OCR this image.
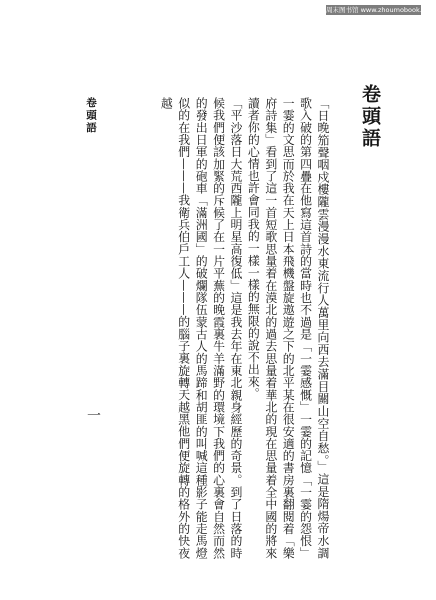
周末图书馆 www.zhoumobook.com
卷頭語

「日晚笳聲咽戍樓隴雲漫漫水東流行人萬里向西去滿目關山空自愁。」這是隋煬帝水調歌入破的第四疊在他寫這首詩的當時也不過是「一霎感慨」一霎的記憶「一霎的怨恨」一霎的文思而於我在天上日本飛機盤旋遨遊之下的北平某在很安適的書房裏翻閱着「樂府詩集」看到了這一首短歌思量着在漠北的過去思量着華北的現在思量着全中國的將來讀者你的心情也許會同我的一樣一樣的無限的說不出來。

「平沙落日大荒西隴上明星高復低」這是我去年在東北親身經歷的奇景。到了日落的時候我們便該加緊的斥候了在一片平蕪的晚霞裏牛羊滿野的環境下我們的心裏會自然而然的發出日軍的砲車「滿洲國」的破爛隊伍蒙古人的馬蹄和胡匪的叫喊這種影子能走馬燈似的在我們———我衛兵伯戶工人———的腦子裏旋轉天越黑他們便旋轉的格外的快夜越

卷頭語
一
